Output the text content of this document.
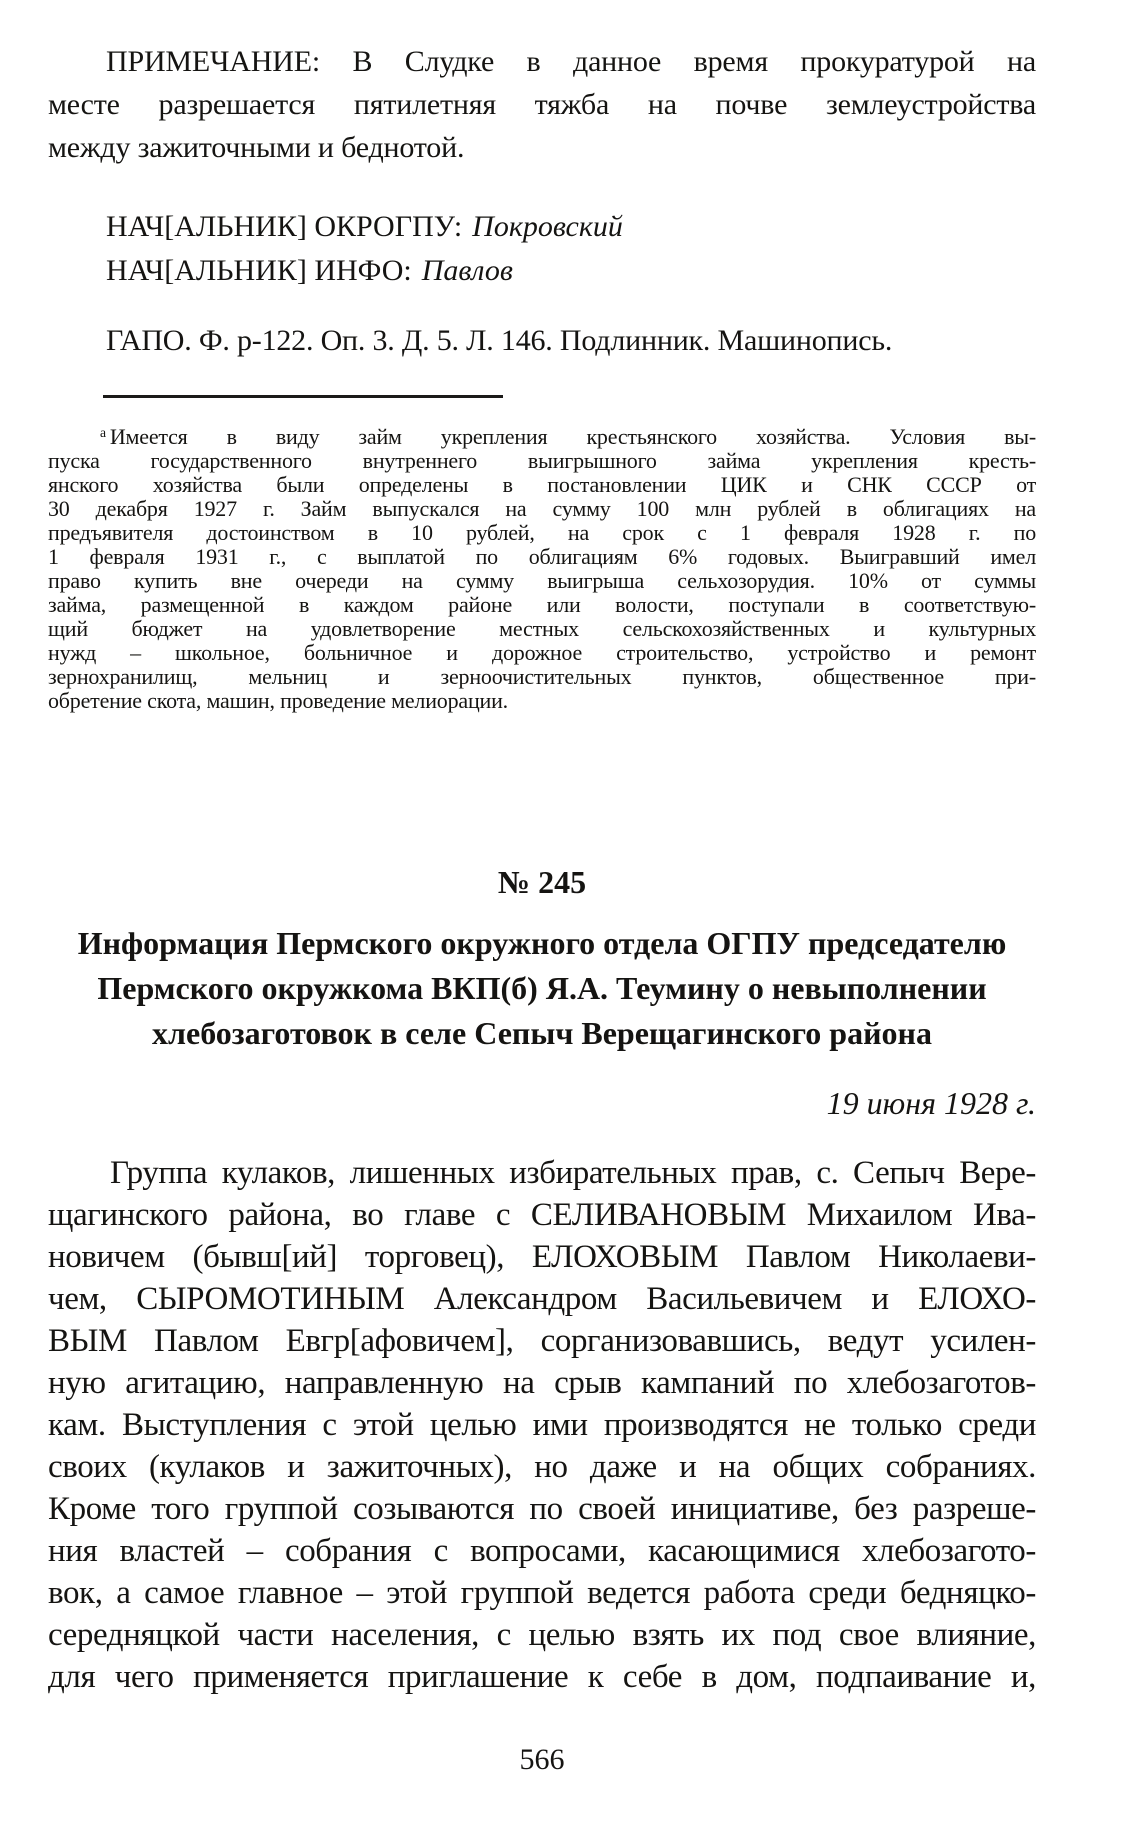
ПРИМЕЧАНИЕ: В Слудке в данное время прокуратурой на
месте разрешается пятилетняя тяжба на почве землеустройства
между зажиточными и беднотой.
НАЧ[АЛЬНИК] ОКРОГПУ: Покровский
НАЧ[АЛЬНИК] ИНФО: Павлов
ГАПО. Ф. р-122. Оп. 3. Д. 5. Л. 146. Подлинник. Машинопись.
$^а$ Имеется в виду займ укрепления крестьянского хозяйства. Условия вы-
пуска государственного внутреннего выигрышного займа укрепления кресть-
янского хозяйства были определены в постановлении ЦИК и СНК СССР от
30 декабря 1927 г. Займ выпускался на сумму 100 млн рублей в облигациях на
предъявителя достоинством в 10 рублей, на срок с 1 февраля 1928 г. по
1 февраля 1931 г., с выплатой по облигациям 6% годовых. Выигравший имел
право купить вне очереди на сумму выигрыша сельхозорудия. 10% от суммы
займа, размещенной в каждом районе или волости, поступали в соответствую-
щий бюджет на удовлетворение местных сельскохозяйственных и культурных
нужд – школьное, больничное и дорожное строительство, устройство и ремонт
зернохранилищ, мельниц и зерноочистительных пунктов, общественное при-
обретение скота, машин, проведение мелиорации.
№ 245
Информация Пермского окружного отдела ОГПУ председателю
Пермского окружкома ВКП(б) Я.А. Теумину о невыполнении
хлебозаготовок в селе Сепыч Верещагинского района
19 июня 1928 г.
Группа кулаков, лишенных избирательных прав, с. Сепыч Вере-
щагинского района, во главе с СЕЛИВАНОВЫМ Михаилом Ива-
новичем (бывш[ий] торговец), ЕЛОХОВЫМ Павлом Николаеви-
чем, СЫРОМОТИНЫМ Александром Васильевичем и ЕЛОХО-
ВЫМ Павлом Евгр[афовичем], сорганизовавшись, ведут усилен-
ную агитацию, направленную на срыв кампаний по хлебозаготов-
кам. Выступления с этой целью ими производятся не только среди
своих (кулаков и зажиточных), но даже и на общих собраниях.
Кроме того группой созываются по своей инициативе, без разреше-
ния властей – собрания с вопросами, касающимися хлебозагото-
вок, а самое главное – этой группой ведется работа среди бедняцко-
середняцкой части населения, с целью взять их под свое влияние,
для чего применяется приглашение к себе в дом, подпаивание и,
566
